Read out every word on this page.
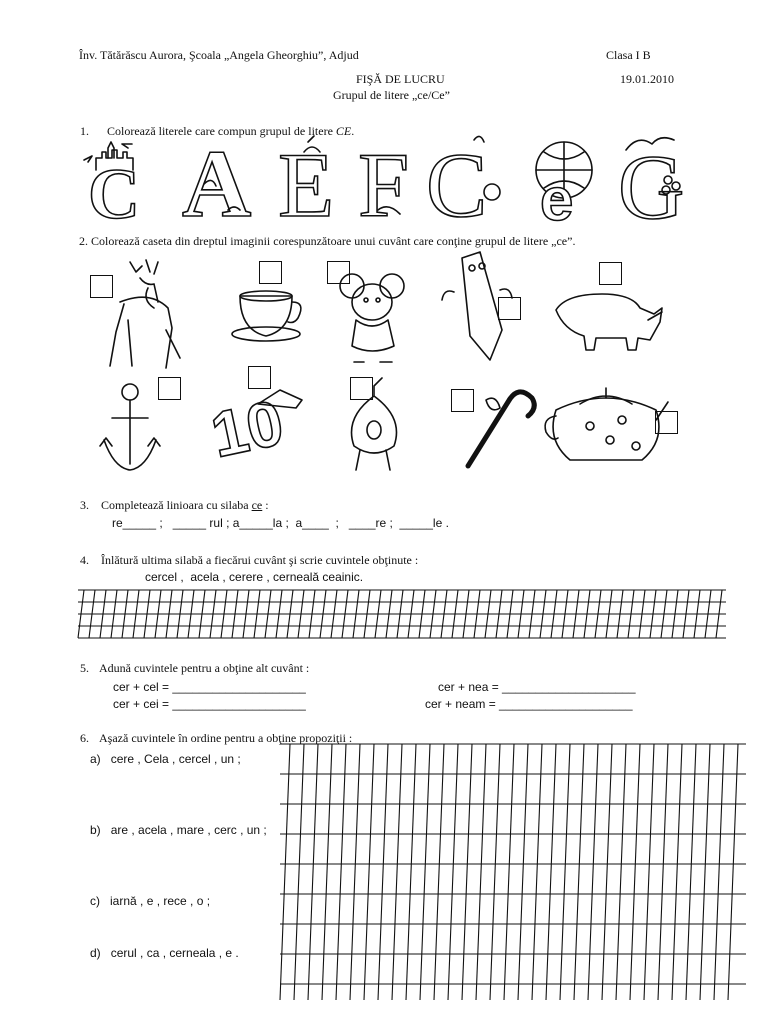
Înv. Tătărăscu Aurora, Şcoala „Angela Gheorghiu”, Adjud	Clasa I B
FIŞĂ DE LUCRU	19.01.2010
Grupul de litere „ce/Ce”
1. Colorează literele care compun grupul de litere CE.
C A E F C e G
2. Colorează caseta din dreptul imaginii corespunzătoare unui cuvânt care conţine grupul de litere „ce”.
10
3. Completează linioara cu silaba ce :
re_____ ;   _____ rul ; a_____la ;  a____  ;   ____re ;  _____le .
4. Înlătură ultima silabă a fiecărui cuvânt şi scrie cuvintele obţinute :
cercel ,  acela , cerere , cerneală ceainic.
5. Adună cuvintele pentru a obţine alt cuvânt :
cer + cel = ____________________	cer + nea = ____________________
cer + cei = ____________________	cer + neam = ____________________
6. Aşază cuvintele în ordine pentru a obţine propoziţii :
a) cere , Cela , cercel , un ;
b) are , acela , mare , cerc , un ;
c) iarnă , e , rece , o ;
d) cerul , ca , cerneala , e .
